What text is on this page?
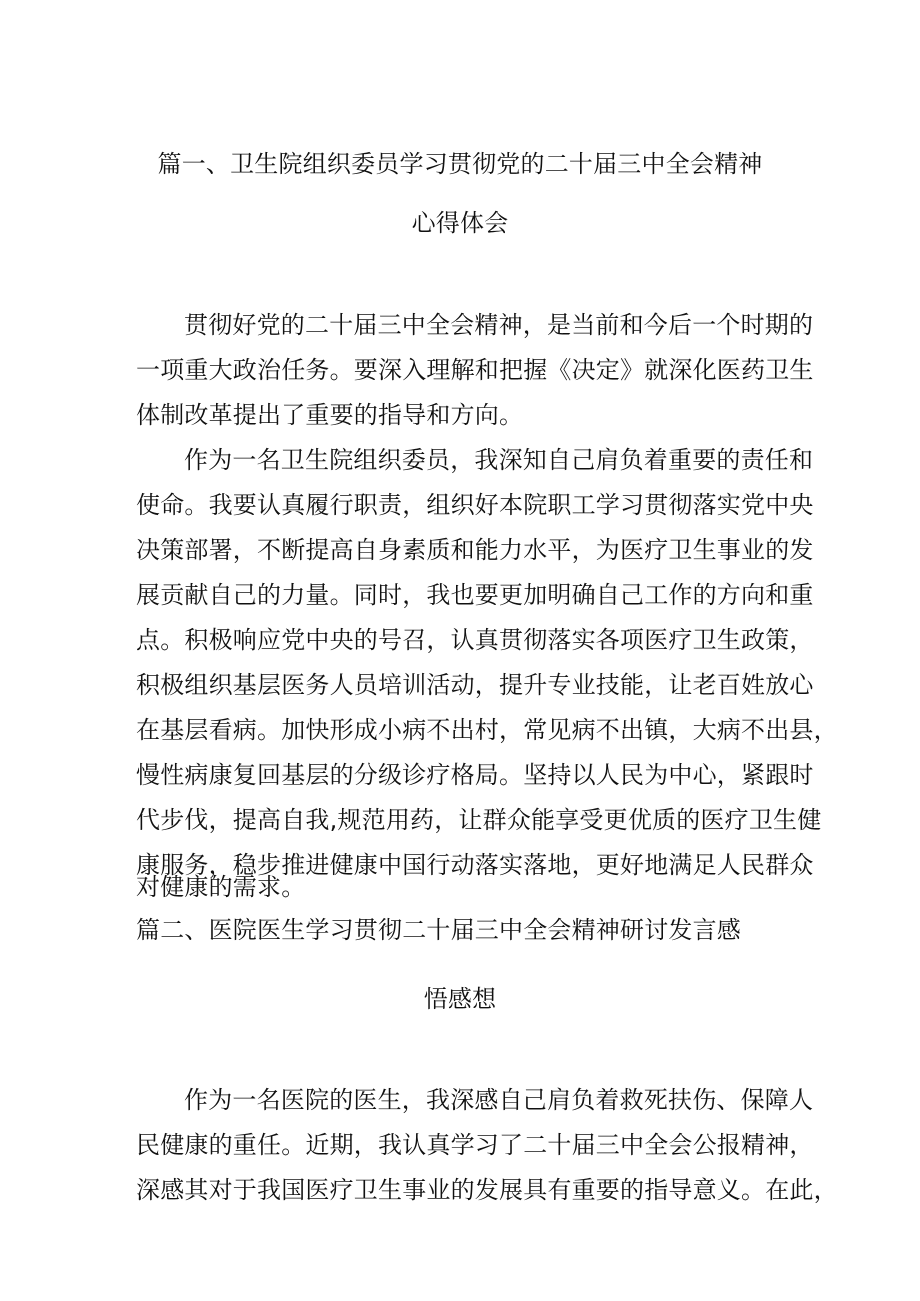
篇一、卫生院组织委员学习贯彻党的二十届三中全会精神
心得体会
贯彻好党的二十届三中全会精神，是当前和今后一个时期的
一项重大政治任务。要深入理解和把握《决定》就深化医药卫生
体制改革提出了重要的指导和方向。
作为一名卫生院组织委员，我深知自己肩负着重要的责任和
使命。我要认真履行职责，组织好本院职工学习贯彻落实党中央
决策部署，不断提高自身素质和能力水平，为医疗卫生事业的发
展贡献自己的力量。同时，我也要更加明确自己工作的方向和重
点。积极响应党中央的号召，认真贯彻落实各项医疗卫生政策，
积极组织基层医务人员培训活动，提升专业技能，让老百姓放心
在基层看病。加快形成小病不出村，常见病不出镇，大病不出县，
慢性病康复回基层的分级诊疗格局。坚持以人民为中心，紧跟时
代步伐，提高自我,规范用药，让群众能享受更优质的医疗卫生健
康服务，稳步推进健康中国行动落实落地，更好地满足人民群众
对健康的需求。
篇二、医院医生学习贯彻二十届三中全会精神研讨发言感
悟感想
作为一名医院的医生，我深感自己肩负着救死扶伤、保障人
民健康的重任。近期，我认真学习了二十届三中全会公报精神，
深感其对于我国医疗卫生事业的发展具有重要的指导意义。在此，
